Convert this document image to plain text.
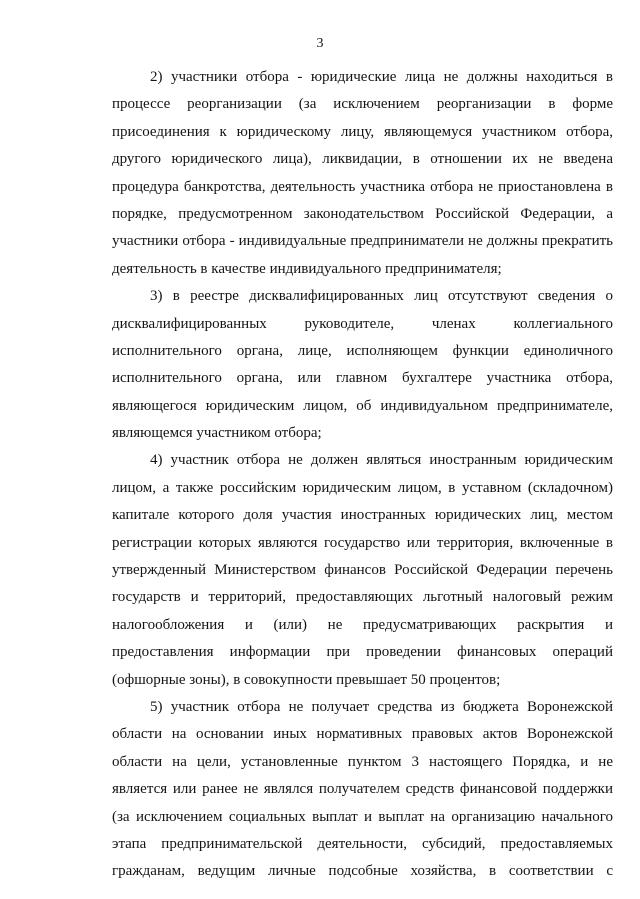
3
2) участники отбора - юридические лица не должны находиться в
процессе реорганизации (за исключением реорганизации в форме
присоединения к юридическому лицу, являющемуся участником отбора,
другого юридического лица), ликвидации, в отношении их не введена
процедура банкротства, деятельность участника отбора не приостановлена в
порядке, предусмотренном законодательством Российской Федерации, а
участники отбора - индивидуальные предприниматели не должны прекратить
деятельность в качестве индивидуального предпринимателя;
3) в реестре дисквалифицированных лиц отсутствуют сведения о
дисквалифицированных руководителе, членах коллегиального
исполнительного органа, лице, исполняющем функции единоличного
исполнительного органа, или главном бухгалтере участника отбора,
являющегося юридическим лицом, об индивидуальном предпринимателе,
являющемся участником отбора;
4) участник отбора не должен являться иностранным юридическим
лицом, а также российским юридическим лицом, в уставном (складочном)
капитале которого доля участия иностранных юридических лиц, местом
регистрации которых являются государство или территория, включенные в
утвержденный Министерством финансов Российской Федерации перечень
государств и территорий, предоставляющих льготный налоговый режим
налогообложения и (или) не предусматривающих раскрытия и
предоставления информации при проведении финансовых операций
(офшорные зоны), в совокупности превышает 50 процентов;
5) участник отбора не получает средства из бюджета Воронежской
области на основании иных нормативных правовых актов Воронежской
области на цели, установленные пунктом 3 настоящего Порядка, и не
является или ранее не являлся получателем средств финансовой поддержки
(за исключением социальных выплат и выплат на организацию начального
этапа предпринимательской деятельности, субсидий, предоставляемых
гражданам, ведущим личные подсобные хозяйства, в соответствии с
